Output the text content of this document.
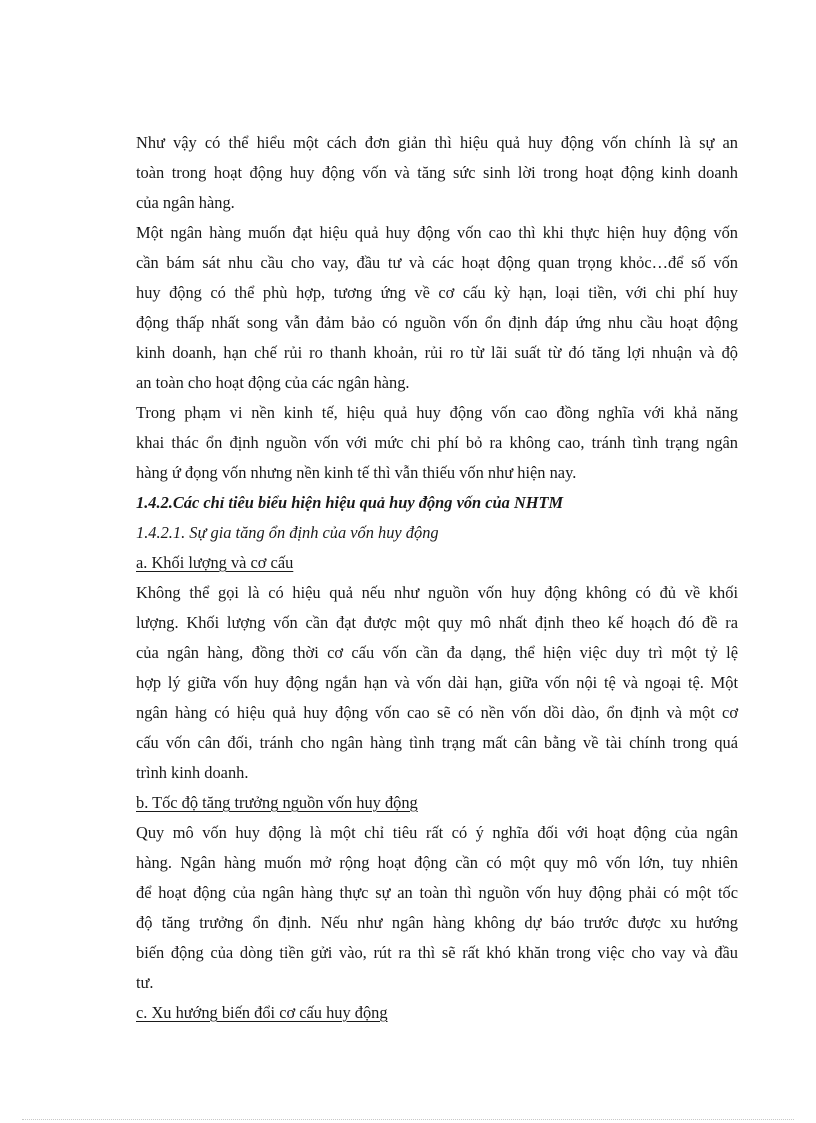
Như vậy có thể hiểu một cách đơn giản thì hiệu quả huy động vốn chính là sự an
toàn trong hoạt động huy động vốn và tăng sức sinh lời trong hoạt động kinh doanh
của ngân hàng.
Một ngân hàng muốn đạt hiệu quả huy động vốn cao thì khi thực hiện huy động vốn
cần bám sát nhu cầu cho vay, đầu tư và các hoạt động quan trọng khỏc…để số vốn
huy động có thể phù hợp, tương ứng về cơ cấu kỳ hạn, loại tiền, với chi phí huy
động thấp nhất song vẫn đảm bảo có nguồn vốn ổn định đáp ứng nhu cầu hoạt động
kinh doanh, hạn chế rủi ro thanh khoản, rủi ro từ lãi suất từ đó tăng lợi nhuận và độ
an toàn cho hoạt động của các ngân hàng.
Trong phạm vi nền kinh tế, hiệu quả huy động vốn cao đồng nghĩa với khả năng
khai thác ổn định nguồn vốn với mức chi phí bỏ ra không cao, tránh tình trạng ngân
hàng ứ đọng vốn nhưng nền kinh tế thì vẫn thiếu vốn như hiện nay.
1.4.2.Các chỉ tiêu biểu hiện hiệu quả huy động vốn của NHTM
1.4.2.1. Sự gia tăng ổn định của vốn huy động
a. Khối lượng và cơ cấu
Không thể gọi là có hiệu quả nếu như nguồn vốn huy động không có đủ về khối
lượng. Khối lượng vốn cần đạt được một quy mô nhất định theo kế hoạch đó đề ra
của ngân hàng, đồng thời cơ cấu vốn cần đa dạng, thể hiện việc duy trì một tỷ lệ
hợp lý giữa vốn huy động ngắn hạn và vốn dài hạn, giữa vốn nội tệ và ngoại tệ. Một
ngân hàng có hiệu quả huy động vốn cao sẽ có nền vốn dồi dào, ổn định và một cơ
cấu vốn cân đối, tránh cho ngân hàng tình trạng mất cân bằng về tài chính trong quá
trình kinh doanh.
b. Tốc độ tăng trưởng nguồn vốn huy động
Quy mô vốn huy động là một chỉ tiêu rất có ý nghĩa đối với hoạt động của ngân
hàng. Ngân hàng muốn mở rộng hoạt động cần có một quy mô vốn lớn, tuy nhiên
để hoạt động của ngân hàng thực sự an toàn thì nguồn vốn huy động phải có một tốc
độ tăng trưởng ổn định. Nếu như ngân hàng không dự báo trước được xu hướng
biến động của dòng tiền gửi vào, rút ra thì sẽ rất khó khăn trong việc cho vay và đầu
tư.
c. Xu hướng biến đổi cơ cấu huy động
